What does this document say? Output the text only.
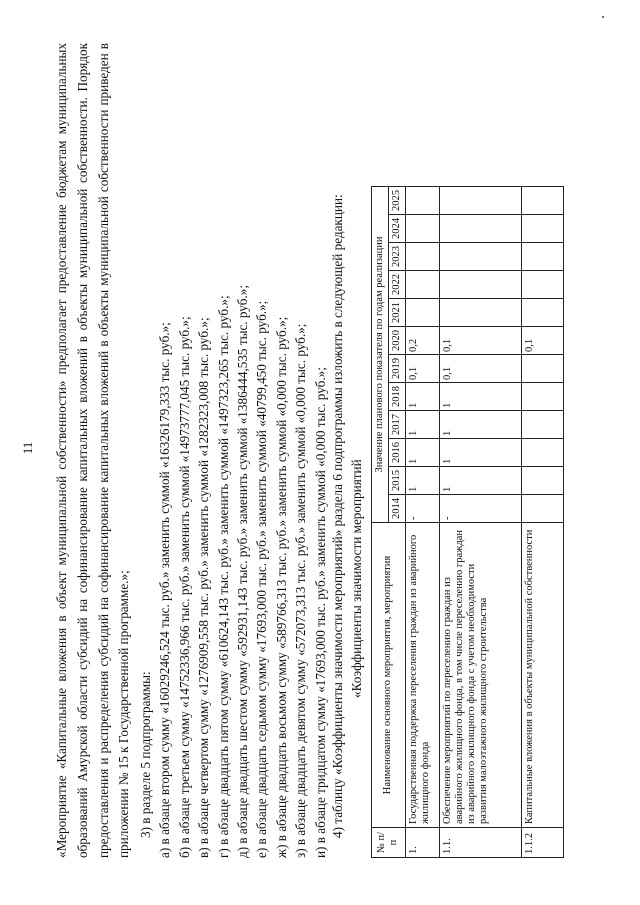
11 «Мероприятие «Капитальные вложения в объект муниципальной собственности» предполагает предоставление бюджетам муниципальных образований Амурской области субсидий на софинансирование капитальных вложений в объекты муниципальной собственности. Порядок предоставления и распределения субсидий на софинансирование капитальных вложений в объекты муниципальной собственности приведен в приложении № 15 к Государственной программе.»;	№ п/п	Наименование основного мероприятия, мероприятия	Значение планового показателя по годам реализации											
		2014	2015	2016	2017	2018	2019	2020	2021	2022	2023	2024	2025
1.	Государственная поддержка переселения граждан из аварийного жилищного фонда	-	1	1	1	1	0,1	0,2					
1.1.	Обеспечение мероприятий по переселению граждан из аварийного жилищного фонда, в том числе переселению граждан из аварийного жилищного фонда с учетом необходимости развития малоэтажного жилищного строительства	-	1	1	1	1	0,1	0,1					
1.1.2	Капитальные вложения в объекты муниципальной собственности							0,1					
«Коэффициенты значимости мероприятий
4) таблицу «Коэффициенты значимости мероприятий» раздела 6 подпрограммы изложить в следующей редакции:
3) в разделе 5 подпрограммы: а) в абзаце втором сумму «16029246,524 тыс. руб.» заменить суммой «16326179,333 тыс. руб.»; б) в абзаце третьем сумму «14752336,966 тыс. руб.» заменить суммой «14973777,045 тыс. руб.»; в) в абзаце четвертом сумму «1276909,558 тыс. руб.» заменить суммой «1282323,008 тыс. руб.»; г) в абзаце двадцать пятом сумму «610624,143 тыс. руб.» заменить суммой «1497323,265 тыс. руб.»; д) в абзаце двадцать шестом сумму «592931,143 тыс. руб.» заменить суммой «1386444,535 тыс. руб.»; е) в абзаце двадцать седьмом сумму «17693,000 тыс. руб.» заменить суммой «40799,450 тыс. руб.»; ж) в абзаце двадцать восьмом сумму «589766,313 тыс. руб.» заменить суммой «0,000 тыс. руб.»; з) в абзаце двадцать девятом сумму «572073,313 тыс. руб.» заменить суммой «0,000 тыс. руб.»; и) в абзаце тридцатом сумму «17693,000 тыс. руб.» заменить суммой «0,000 тыс. руб.»;
